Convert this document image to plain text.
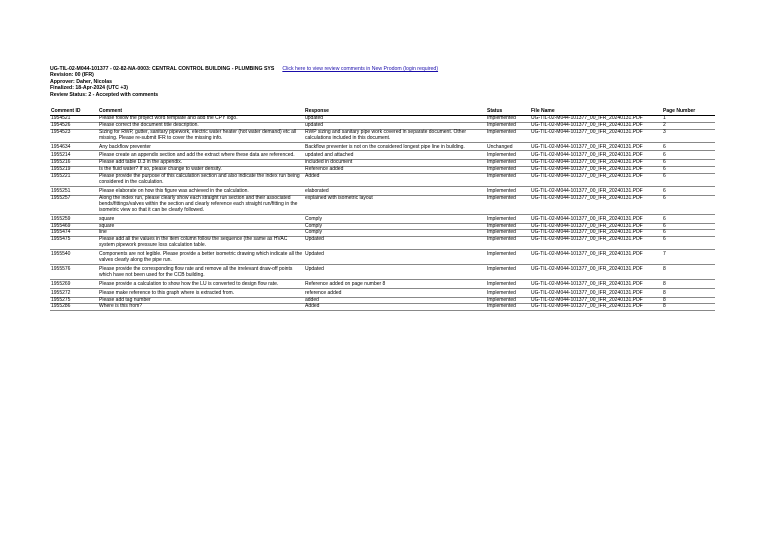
UG-TIL-02-M044-101377 - 02-82-NA-0003: CENTRAL CONTROL BUILDING - PLUMBING SYS Click here to view review comments in New Prodom (login required)
Revision: 00 (IFR)
Approver: Daher, Nicolas
Finalized: 18-Apr-2024 (UTC +3)
Review Status: 2 - Accepted with comments
Comment ID	Comment	Response	Status	File Name	Page Number
1954521	Please follow the project word template and add the CPY logo.	updated	Implemented	UG-TIL-02-M044-101377_00_IFR_20240131.PDF	1
1954526	Please correct the document title description.	updated	Implemented	UG-TIL-02-M044-101377_00_IFR_20240131.PDF	2
1954523	Sizing for RWP, gutter, sanitary pipework, electric water heater (hot water demand) etc all missing. Please re-submit IFR to cover the missing info.	RWP sizing and sanitary pipe work covered in separate document. Other calculations included in this document.	Implemented	UG-TIL-02-M044-101377_00_IFR_20240131.PDF	3
1954634	Any backflow preventer	Backflow preventer is not on the considered longest pipe line in building.	Unchanged	UG-TIL-02-M044-101377_00_IFR_20240131.PDF	6
1955214	Please create an appendix section and add the extract where these data are referenced.	updated and attached	Implemented	UG-TIL-02-M044-101377_00_IFR_20240131.PDF	6
1955216	Please add table D.3 in the appendix.	included in document	Implemented	UG-TIL-02-M044-101377_00_IFR_20240131.PDF	6
1955219	Is the fluid water? If so, please change to water density.	Reference added	Implemented	UG-TIL-02-M044-101377_00_IFR_20240131.PDF	6
1955221	Please provide the purpose of this calculation section and also indicate the index run being considered in the calculation.	Added	Implemented	UG-TIL-02-M044-101377_00_IFR_20240131.PDF	6
1955251	Please elaborate on how this figure was achieved in the calculation.	elaborated	Implemented	UG-TIL-02-M044-101377_00_IFR_20240131.PDF	6
1955257	Along the index run, please clearly show each straight run section and their associated bends/fittings/valves within the section and clearly reference each straight run/fitting in the isometric view so that it can be clearly followed.	explained with isometric layout	Implemented	UG-TIL-02-M044-101377_00_IFR_20240131.PDF	6
1955259	square	Comply	Implemented	UG-TIL-02-M044-101377_00_IFR_20240131.PDF	6
1955469	square	Comply	Implemented	UG-TIL-02-M044-101377_00_IFR_20240131.PDF	6
1955474	line	Comply	Implemented	UG-TIL-02-M044-101377_00_IFR_20240131.PDF	6
1955475	Please add all the values in the item column follow the sequence (the same as HVAC system pipework pressure loss calculation table.	Updated	Implemented	UG-TIL-02-M044-101377_00_IFR_20240131.PDF	6
1955540	Components are not legible. Please provide a better isometric drawing which indicate all the valves clearly along the pipe run.	Updated	Implemented	UG-TIL-02-M044-101377_00_IFR_20240131.PDF	7
1955576	Please provide the corresponding flow rate and remove all the irrelevant draw-off points which have not been used for the CCB building.	Updated	Implemented	UG-TIL-02-M044-101377_00_IFR_20240131.PDF	8
1955269	Please provide a calculation to show how the LU is converted to design flow rate.	Reference added on page number 8	Implemented	UG-TIL-02-M044-101377_00_IFR_20240131.PDF	8
1955272	Please make reference to this graph where is extracted from.	reference added	Implemented	UG-TIL-02-M044-101377_00_IFR_20240131.PDF	8
1955275	Please add tag number	added	Implemented	UG-TIL-02-M044-101377_00_IFR_20240131.PDF	8
1955286	Where is this from?	Added	Implemented	UG-TIL-02-M044-101377_00_IFR_20240131.PDF	8
